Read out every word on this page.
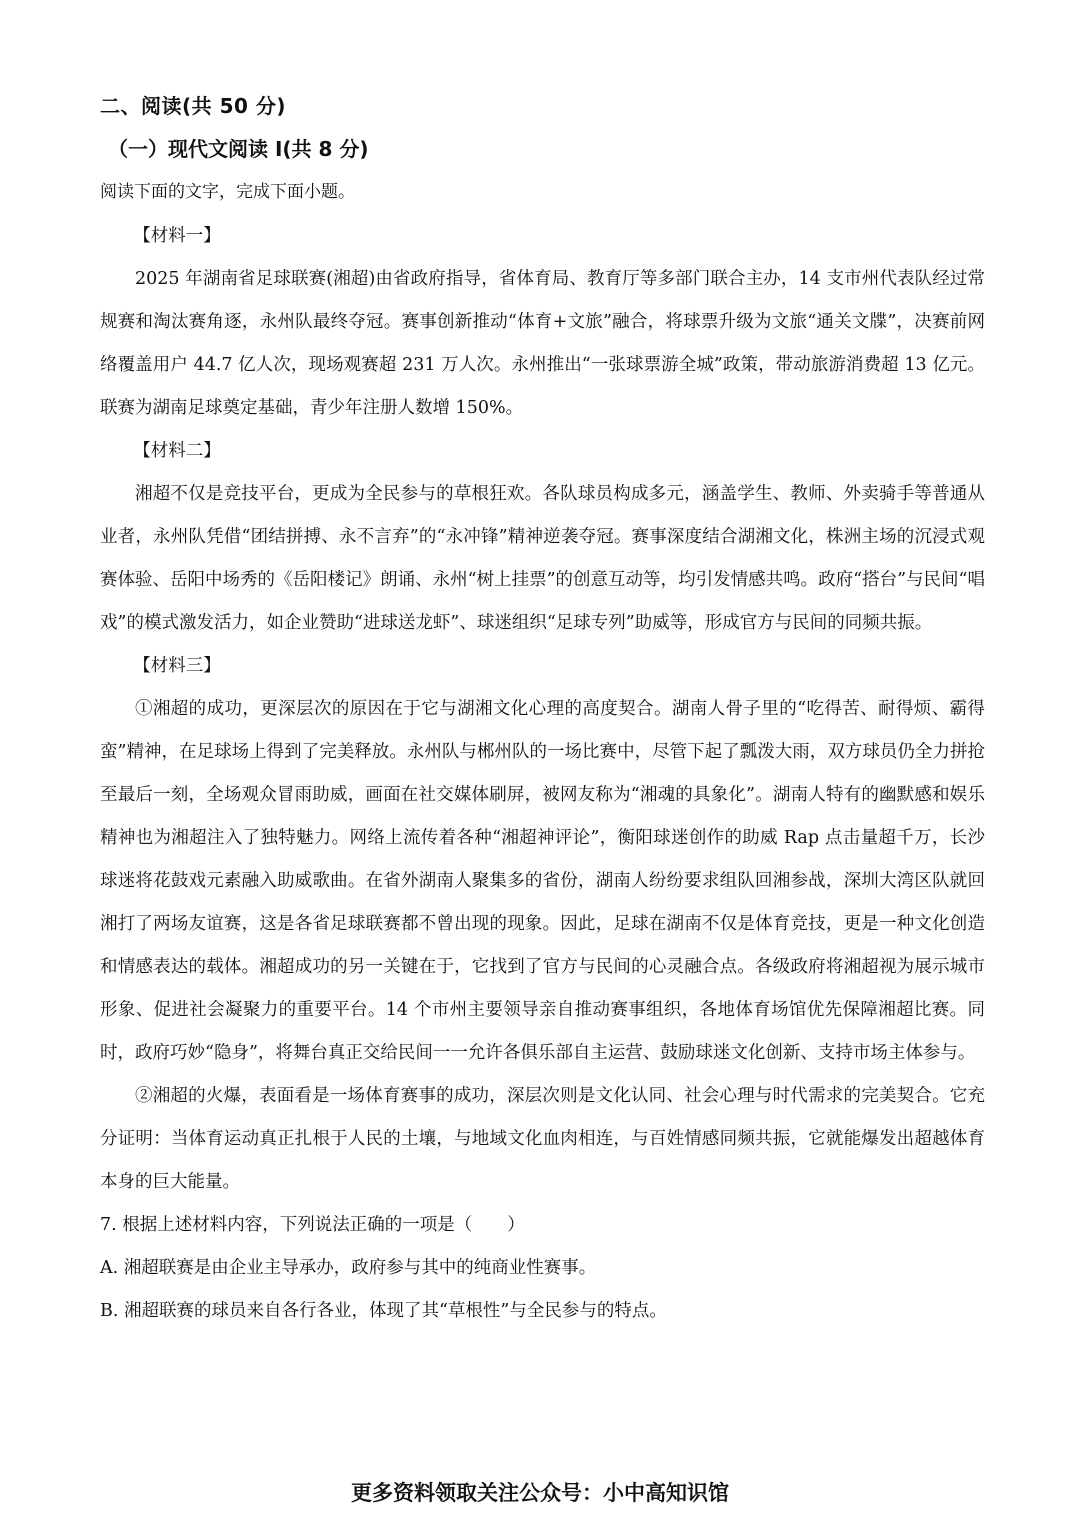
二、阅读(共 50 分)
（一）现代文阅读 I(共 8 分)
阅读下面的文字，完成下面小题。

【材料一】

2025 年湖南省足球联赛(湘超)由省政府指导，省体育局、教育厅等多部门联合主办，14 支市州代表队经过常规赛和淘汰赛角逐，永州队最终夺冠。赛事创新推动“体育+文旅”融合，将球票升级为文旅“通关文牒”，决赛前网络覆盖用户 44.7 亿人次，现场观赛超 231 万人次。永州推出“一张球票游全城”政策，带动旅游消费超 13 亿元。联赛为湖南足球奠定基础，青少年注册人数增 150%。

【材料二】

湘超不仅是竞技平台，更成为全民参与的草根狂欢。各队球员构成多元，涵盖学生、教师、外卖骑手等普通从业者，永州队凭借“团结拼搏、永不言弃”的“永冲锋”精神逆袭夺冠。赛事深度结合湖湘文化，株洲主场的沉浸式观赛体验、岳阳中场秀的《岳阳楼记》朗诵、永州“树上挂票”的创意互动等，均引发情感共鸣。政府“搭台”与民间“唱戏”的模式激发活力，如企业赞助“进球送龙虾”、球迷组织“足球专列”助威等，形成官方与民间的同频共振。

【材料三】

①湘超的成功，更深层次的原因在于它与湖湘文化心理的高度契合。湖南人骨子里的“吃得苦、耐得烦、霸得蛮”精神，在足球场上得到了完美释放。永州队与郴州队的一场比赛中，尽管下起了瓢泼大雨，双方球员仍全力拼抢至最后一刻，全场观众冒雨助威，画面在社交媒体刷屏，被网友称为“湘魂的具象化”。湖南人特有的幽默感和娱乐精神也为湘超注入了独特魅力。网络上流传着各种“湘超神评论”，衡阳球迷创作的助威 Rap 点击量超千万，长沙球迷将花鼓戏元素融入助威歌曲。在省外湖南人聚集多的省份，湖南人纷纷要求组队回湘参战，深圳大湾区队就回湘打了两场友谊赛，这是各省足球联赛都不曾出现的现象。因此，足球在湖南不仅是体育竞技，更是一种文化创造和情感表达的载体。湘超成功的另一关键在于，它找到了官方与民间的心灵融合点。各级政府将湘超视为展示城市形象、促进社会凝聚力的重要平台。14 个市州主要领导亲自推动赛事组织，各地体育场馆优先保障湘超比赛。同时，政府巧妙“隐身”，将舞台真正交给民间一一允许各俱乐部自主运营、鼓励球迷文化创新、支持市场主体参与。

②湘超的火爆，表面看是一场体育赛事的成功，深层次则是文化认同、社会心理与时代需求的完美契合。它充分证明：当体育运动真正扎根于人民的土壤，与地域文化血肉相连，与百姓情感同频共振，它就能爆发出超越体育本身的巨大能量。

7. 根据上述材料内容，下列说法正确的一项是（　　）

A. 湘超联赛是由企业主导承办，政府参与其中的纯商业性赛事。

B. 湘超联赛的球员来自各行各业，体现了其“草根性”与全民参与的特点。

更多资料领取关注公众号：小中高知识馆
